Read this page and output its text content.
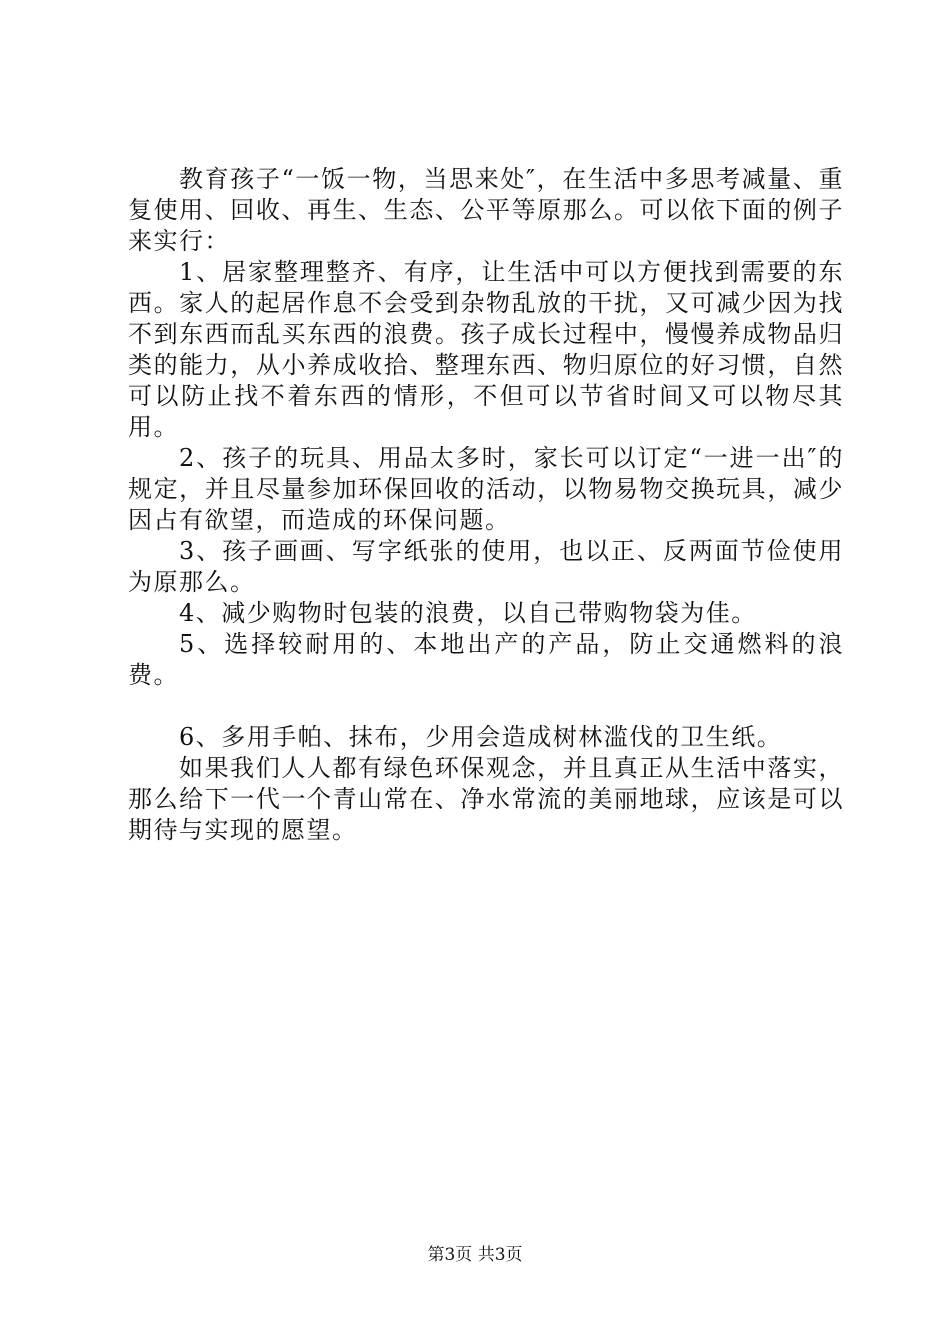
教育孩子“一饭一物，当思来处″，在生活中多思考减量、重复使用、回收、再生、生态、公平等原那么。可以依下面的例子来实行：

1、居家整理整齐、有序，让生活中可以方便找到需要的东西。家人的起居作息不会受到杂物乱放的干扰，又可减少因为找不到东西而乱买东西的浪费。孩子成长过程中，慢慢养成物品归类的能力，从小养成收拾、整理东西、物归原位的好习惯，自然可以防止找不着东西的情形，不但可以节省时间又可以物尽其用。

2、孩子的玩具、用品太多时，家长可以订定“一进一出″的规定，并且尽量参加环保回收的活动，以物易物交换玩具，减少因占有欲望，而造成的环保问题。

3、孩子画画、写字纸张的使用，也以正、反两面节俭使用为原那么。

4、减少购物时包装的浪费，以自己带购物袋为佳。

5、选择较耐用的、本地出产的产品，防止交通燃料的浪费。

6、多用手帕、抹布，少用会造成树林滥伐的卫生纸。

如果我们人人都有绿色环保观念，并且真正从生活中落实，那么给下一代一个青山常在、净水常流的美丽地球，应该是可以期待与实现的愿望。

第3页 共3页
